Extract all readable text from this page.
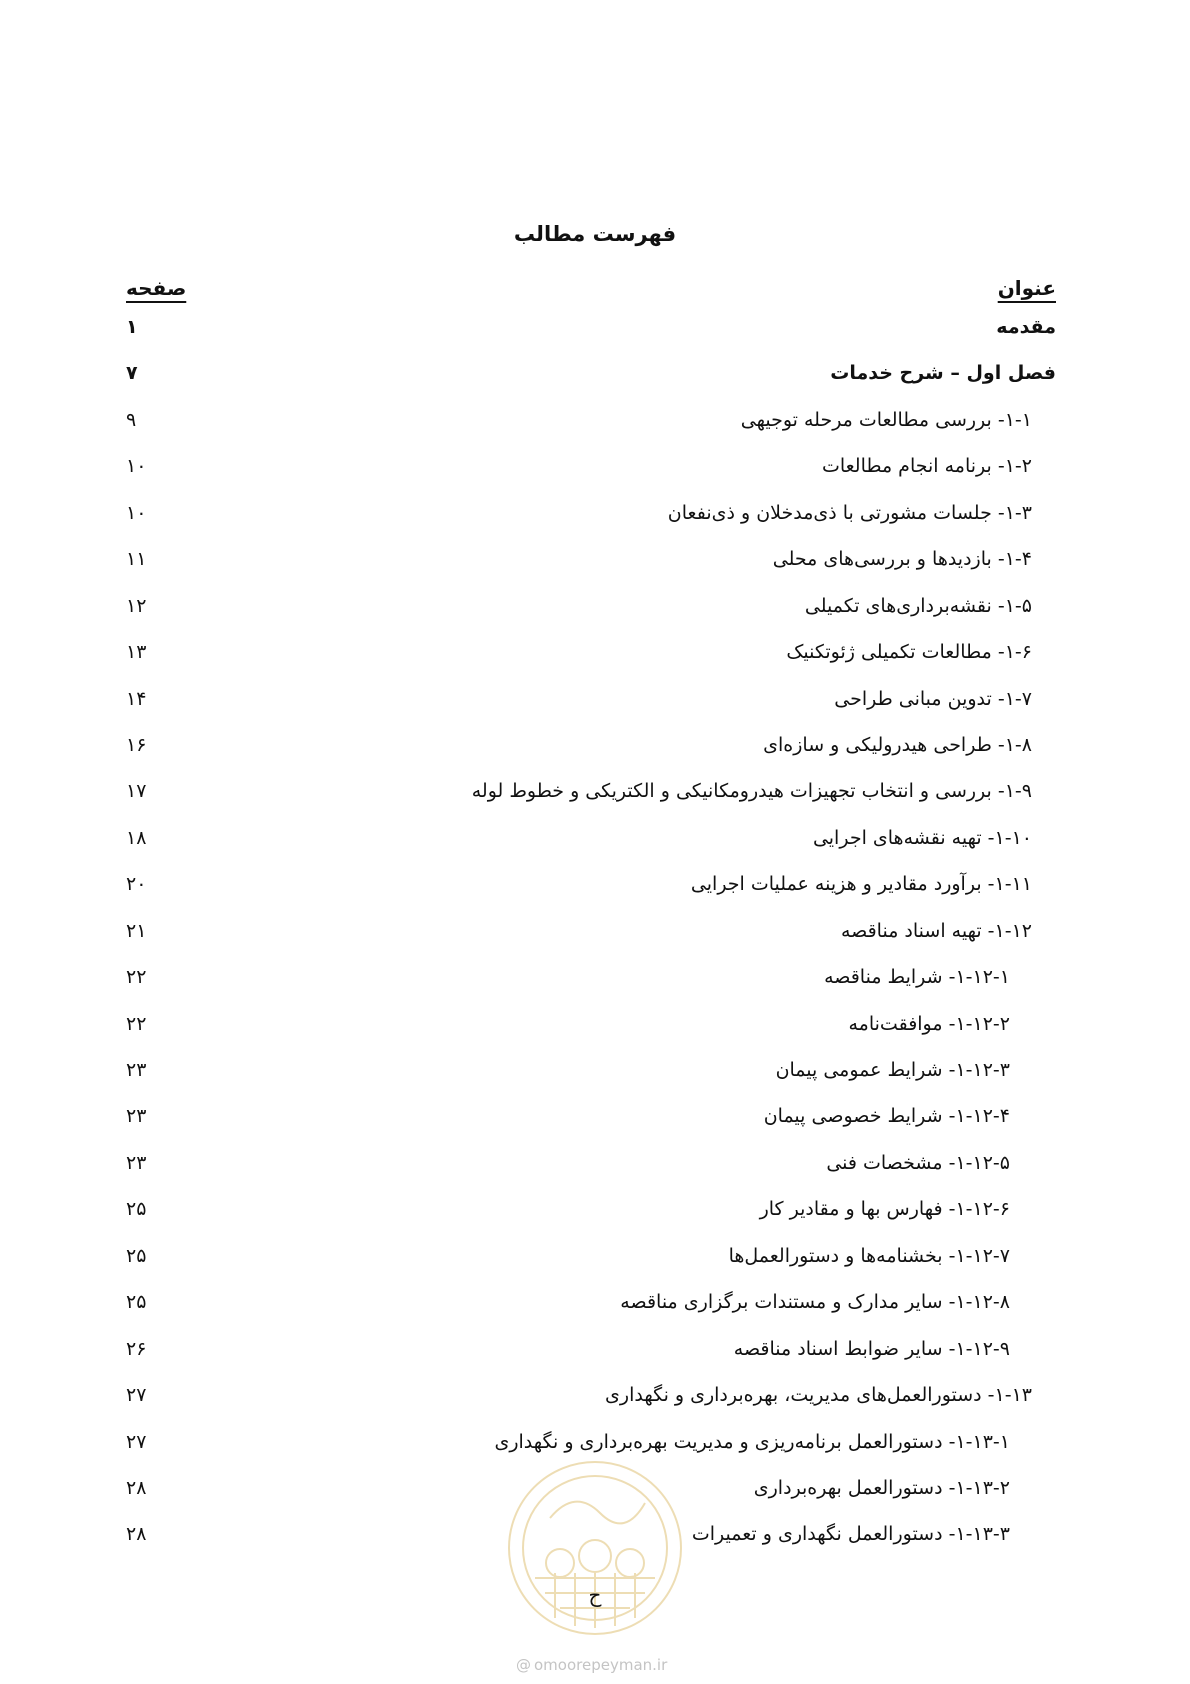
فهرست مطالب
عنوان
صفحه
مقدمه
۱
فصل اول – شرح خدمات
۷
۱-۱- بررسی مطالعات مرحله توجیهی
۹
۱-۲- برنامه انجام مطالعات
۱۰
۱-۳- جلسات مشورتی با ذی‌مدخلان و ذی‌نفعان
۱۰
۱-۴- بازدیدها و بررسی‌های محلی
۱۱
۱-۵- نقشه‌برداری‌های تکمیلی
۱۲
۱-۶- مطالعات تکمیلی ژئوتکنیک
۱۳
۱-۷- تدوین مبانی طراحی
۱۴
۱-۸- طراحی هیدرولیکی و سازه‌ای
۱۶
۱-۹- بررسی و انتخاب تجهیزات هیدرومکانیکی و الکتریکی و خطوط لوله
۱۷
۱-۱۰- تهیه نقشه‌های اجرایی
۱۸
۱-۱۱- برآورد مقادیر و هزینه عملیات اجرایی
۲۰
۱-۱۲- تهیه اسناد مناقصه
۲۱
۱-۱۲-۱- شرایط مناقصه
۲۲
۱-۱۲-۲- موافقت‌نامه
۲۲
۱-۱۲-۳- شرایط عمومی پیمان
۲۳
۱-۱۲-۴- شرایط خصوصی پیمان
۲۳
۱-۱۲-۵- مشخصات فنی
۲۳
۱-۱۲-۶- فهارس بها و مقادیر کار
۲۵
۱-۱۲-۷- بخشنامه‌ها و دستورالعمل‌ها
۲۵
۱-۱۲-۸- سایر مدارک و مستندات برگزاری مناقصه
۲۵
۱-۱۲-۹- سایر ضوابط اسناد مناقصه
۲۶
۱-۱۳- دستورالعمل‌های مدیریت، بهره‌برداری و نگهداری
۲۷
۱-۱۳-۱- دستورالعمل برنامه‌ریزی و مدیریت بهره‌برداری و نگهداری
۲۷
۱-۱۳-۲- دستورالعمل بهره‌برداری
۲۸
۱-۱۳-۳- دستورالعمل نگهداری و تعمیرات
۲۸
ح
@ omoorepeyman.ir
